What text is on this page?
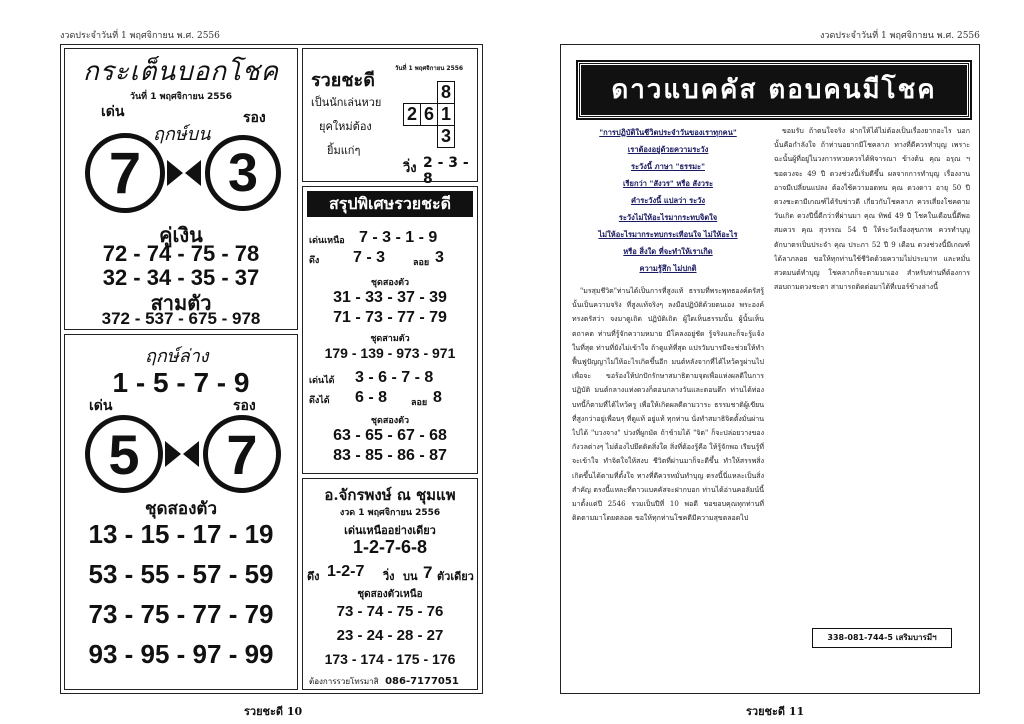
งวดประจำวันที่ 1 พฤศจิกายน พ.ศ. 2556
กระเต็นบอกโชค
วันที่ 1 พฤศจิกายน 2556
เด่น	รอง
ฤกษ์บน
7 3
คู่เงิน
72 - 74 - 75 - 78
32 - 34 - 35 - 37
สามตัว
372 - 537 - 675 - 978
ฤกษ์ล่าง
1 - 5 - 7 - 9
เด่น	รอง
5 7
ชุดสองตัว
13 - 15 - 17 - 19
53 - 55 - 57 - 59
73 - 75 - 77 - 79
93 - 95 - 97 - 99
รวยชะดี
วันที่ 1 พฤศจิกายน 2556
เป็นนักเล่นหวย
ยุคใหม่ต้อง
ยิ้มแก่ๆ
		8
2	6	1
		3
วิ่ง 2 - 3 - 8
สรุปพิเศษรวยชะดี
เด่นเหนือ 7 - 3 - 1 - 9
ดึง 7 - 3	ลอย 3
ชุดสองตัว
31 - 33 - 37 - 39
71 - 73 - 77 - 79
ชุดสามตัว
179 - 139 - 973 - 971
เด่นได้ 3 - 6 - 7 - 8
ดึงได้ 6 - 8	ลอย 8
ชุดสองตัว
63 - 65 - 67 - 68
83 - 85 - 86 - 87
อ.จักรพงษ์ ณ ชุมแพ
งวด 1 พฤศจิกายน 2556
เด่นเหนืออย่างเดียว
1-2-7-6-8
ดึง 1-2-7 วิ่ง บน 7 ตัวเดียว
ชุดสองตัวเหนือ
73 - 74 - 75 - 76
23 - 24 - 28 - 27
173 - 174 - 175 - 176
ต้องการรวยโทรมาสิ 086-7177051
รวยชะดี 10
งวดประจำวันที่ 1 พฤศจิกายน พ.ศ. 2556
ดาวแบคคัส ตอบคนมีโชค
"การปฏิบัติในชีวิตประจำวันของเราทุกคน"
เราต้องอยู่ด้วยความระวัง
ระวังนี้ ภาษา "ธรรมะ"
เรียกว่า "สังวร" หรือ สังวระ
คำระวังนี้ แปลว่า ระวัง
ระวังไม่ให้อะไรมากระทบจิตใจ
ไม่ให้อะไรมากระทบกระเทือนใจ ไม่ให้อะไร
หรือ สิ่งใด ที่จะทำให้เราเกิด
ความรู้สึก ไม่ปกติ

"มรสุมชีวิต"ท่านได้เป็นการที่สูงแท้ ธรรมที่พระพุทธองค์ตรัสรู้นั้นเป็นความจริง ที่สูงแท้จริงๆ ลงมือปฏิบัติด้วยตนเอง พระองค์ทรงตรัสว่า จงมาดูเถิด ปฏิบัติเถิด ผู้ใดเห็นธรรมนั้น ผู้นั้นเห็นตถาคต ท่านที่รู้จักความหมาย มีโคลงอยู่ชัด รู้จริงและก็จะรู้แจ้งในที่สุด ท่านที่ยังไม่เข้าใจ ถ้าดูแท้ที่สุด แปรวัมบารมีจะช่วยให้ทำฟื้นฟูปัญญาไม่ให้อะไรเกิดขึ้นอีก มนต์หลังจากที่ได้ไหว้ครูผ่านไป เพื่อจะ ขอร้องให้ปกปักรักษาสมาธิตามจุดเพื่อแห่งผลดีในการปฏิบัติ มนต์กลางแท่งดวงก็ตอนกลางวันและตอนดึก ท่านได้ท่องบทนี้ก็ตามที่ได้ไหว้ครู เพื่อให้เกิดผลดีตามวาระ ธรรมชาติผู้เขียนที่สูงกว่าอยู่เพื่อนๆ ที่ดูแท้ อยู่แท้ ทุกท่าน นั่งทำสมาธิจิตตั้งมั่นผ่านไปได้ "บวงจาง" บ่วงที่ผูกมัด ถ้าข้ามได้ "จิต" ก็จะปล่อยวางของกังวลต่างๆ ไม่ต้องไปยึดติดสิ่งใด สิ่งที่ต้องรู้คือ ให้รู้จักพอ เรียนรู้ที่จะเข้าใจ ทำจิตใจให้สงบ ชีวิตที่ผ่านมาก็จะดีขึ้น ทำให้สรรพสิ่งเกิดขึ้นได้ตามที่ตั้งใจ ทางที่ดีควรหมั่นทำบุญ ตรงนี้นี่แหละเป็นสิ่งสำคัญ ตรงนี้แหละที่ดาวแบคคัสจะฝากบอก ท่านได้อ่านคอลัมน์นี้มาตั้งแต่ปี 2546 รวมเป็นปีที่ 10 พอดี ขอขอบคุณทุกท่านที่ติดตามมาโดยตลอด ขอให้ทุกท่านโชคดีมีความสุขตลอดไป

ขอมรับ ถ้าตนใจจริง ฝากให้ได้ไม่ต้องเป็นเรื่องยากอะไร นอกนั้นคือกำลังใจ ถ้าท่านอยากมีโชคลาภ ทางที่ดีควรทำบุญ เพราะฉะนั้นผู้ที่อยู่ในวงการหวยควรได้พิจารณา ข้างต้น คุณ อรุณ ฯ ขอดวงจะ 49 ปี ดวงช่วงนี้เริ่มดีขึ้น ผลจากการทำบุญ เรื่องงานอาจมีเปลี่ยนแปลง ต้องใช้ความอดทน คุณ ดวงดาว อายุ 50 ปี ดวงชะตามีเกณฑ์ได้รับข่าวดี เกี่ยวกับโชคลาภ ควรเสี่ยงโชคตามวันเกิด ดวงปีนี้ดีกว่าที่ผ่านมา คุณ ทิพย์ 49 ปี โชคในเดือนนี้ดีพอสมควร คุณ สุวรรณ 54 ปี ให้ระวังเรื่องสุขภาพ ควรทำบุญตักบาตรเป็นประจำ คุณ ประภา 52 ปี 9 เดือน ดวงช่วงนี้มีเกณฑ์ได้ลาภลอย ขอให้ทุกท่านใช้ชีวิตด้วยความไม่ประมาท และหมั่นสวดมนต์ทำบุญ โชคลาภก็จะตามมาเอง สำหรับท่านที่ต้องการสอบถามดวงชะตา สามารถติดต่อมาได้ที่เบอร์ข้างล่างนี้

338-081-744-5 เสริมบารมีฯ
รวยชะดี 11
